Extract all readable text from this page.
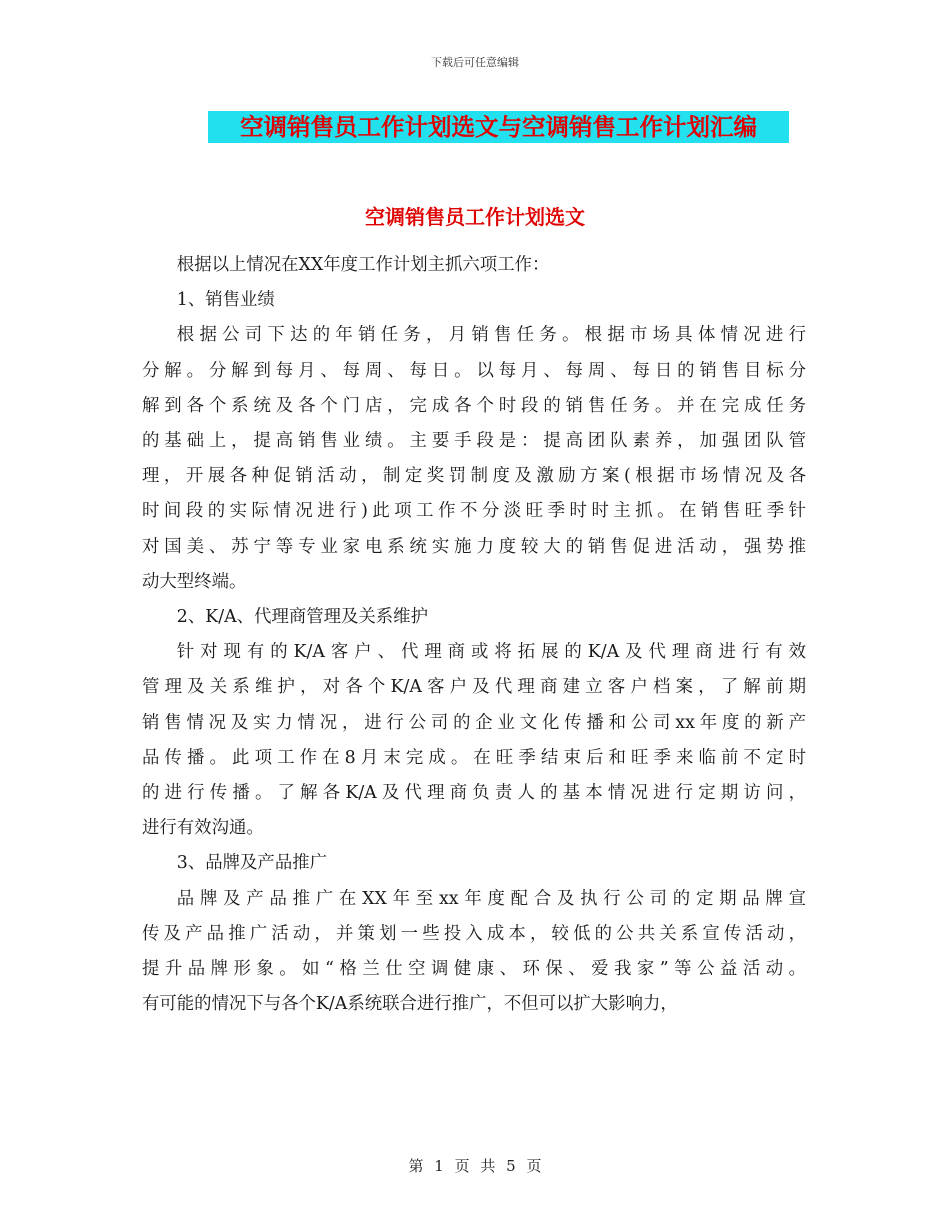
下载后可任意编辑
空调销售员工作计划选文与空调销售工作计划汇编
空调销售员工作计划选文
根据以上情况在XX年度工作计划主抓六项工作：
1、销售业绩
根据公司下达的年销任务，月销售任务。根据市场具体情况进行
分解。分解到每月、每周、每日。以每月、每周、每日的销售目标分
解到各个系统及各个门店，完成各个时段的销售任务。并在完成任务
的基础上，提高销售业绩。主要手段是：提高团队素养，加强团队管
理，开展各种促销活动，制定奖罚制度及激励方案(根据市场情况及各
时间段的实际情况进行)此项工作不分淡旺季时时主抓。在销售旺季针
对国美、苏宁等专业家电系统实施力度较大的销售促进活动，强势推
动大型终端。
2、K/A、代理商管理及关系维护
针对现有的K/A客户、代理商或将拓展的K/A及代理商进行有效
管理及关系维护，对各个K/A客户及代理商建立客户档案，了解前期
销售情况及实力情况，进行公司的企业文化传播和公司xx年度的新产
品传播。此项工作在8月末完成。在旺季结束后和旺季来临前不定时
的进行传播。了解各K/A及代理商负责人的基本情况进行定期访问，
进行有效沟通。
3、品牌及产品推广
品牌及产品推广在XX年至xx年度配合及执行公司的定期品牌宣
传及产品推广活动，并策划一些投入成本，较低的公共关系宣传活动，
提升品牌形象。如“格兰仕空调健康、环保、爱我家”等公益活动。
有可能的情况下与各个K/A系统联合进行推广，不但可以扩大影响力，
第 1 页 共 5 页
